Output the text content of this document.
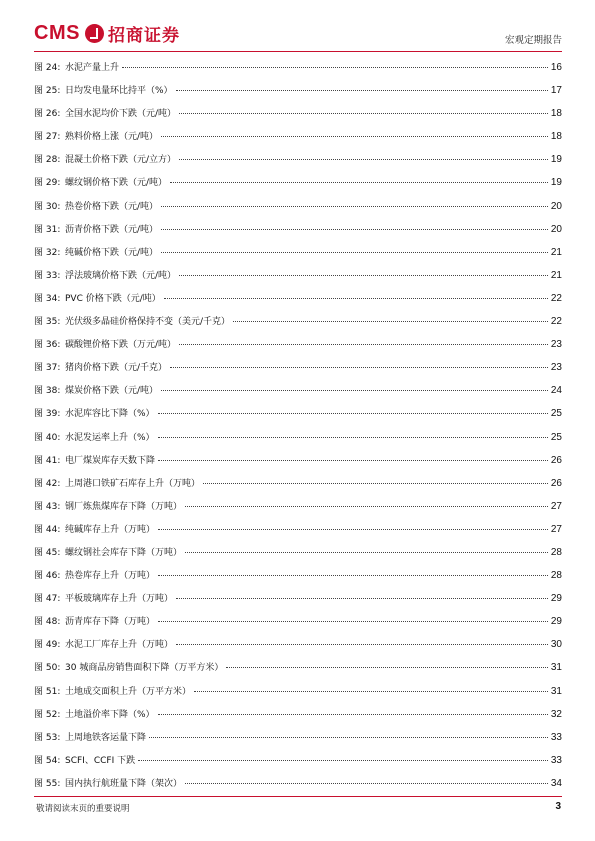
CMS 招商证券	宏观定期报告
图 24: 水泥产量上升	16
图 25: 日均发电量环比持平（%）	17
图 26: 全国水泥均价下跌（元/吨）	18
图 27: 熟料价格上涨（元/吨）	18
图 28: 混凝土价格下跌（元/立方）	19
图 29: 螺纹钢价格下跌（元/吨）	19
图 30: 热卷价格下跌（元/吨）	20
图 31: 沥青价格下跌（元/吨）	20
图 32: 纯碱价格下跌（元/吨）	21
图 33: 浮法玻璃价格下跌（元/吨）	21
图 34: PVC 价格下跌（元/吨）	22
图 35: 光伏级多晶硅价格保持不变（美元/千克）	22
图 36: 碳酸锂价格下跌（万元/吨）	23
图 37: 猪肉价格下跌（元/千克）	23
图 38: 煤炭价格下跌（元/吨）	24
图 39: 水泥库容比下降（%）	25
图 40: 水泥发运率上升（%）	25
图 41: 电厂煤炭库存天数下降	26
图 42: 上周港口铁矿石库存上升（万吨）	26
图 43: 钢厂炼焦煤库存下降（万吨）	27
图 44: 纯碱库存上升（万吨）	27
图 45: 螺纹钢社会库存下降（万吨）	28
图 46: 热卷库存上升（万吨）	28
图 47: 平板玻璃库存上升（万吨）	29
图 48: 沥青库存下降（万吨）	29
图 49: 水泥工厂库存上升（万吨）	30
图 50: 30 城商品房销售面积下降（万平方米）	31
图 51: 土地成交面积上升（万平方米）	31
图 52: 土地溢价率下降（%）	32
图 53: 上周地铁客运量下降	33
图 54: SCFI、CCFI 下跌	33
图 55: 国内执行航班量下降（架次）	34
敬请阅读末页的重要说明	3
